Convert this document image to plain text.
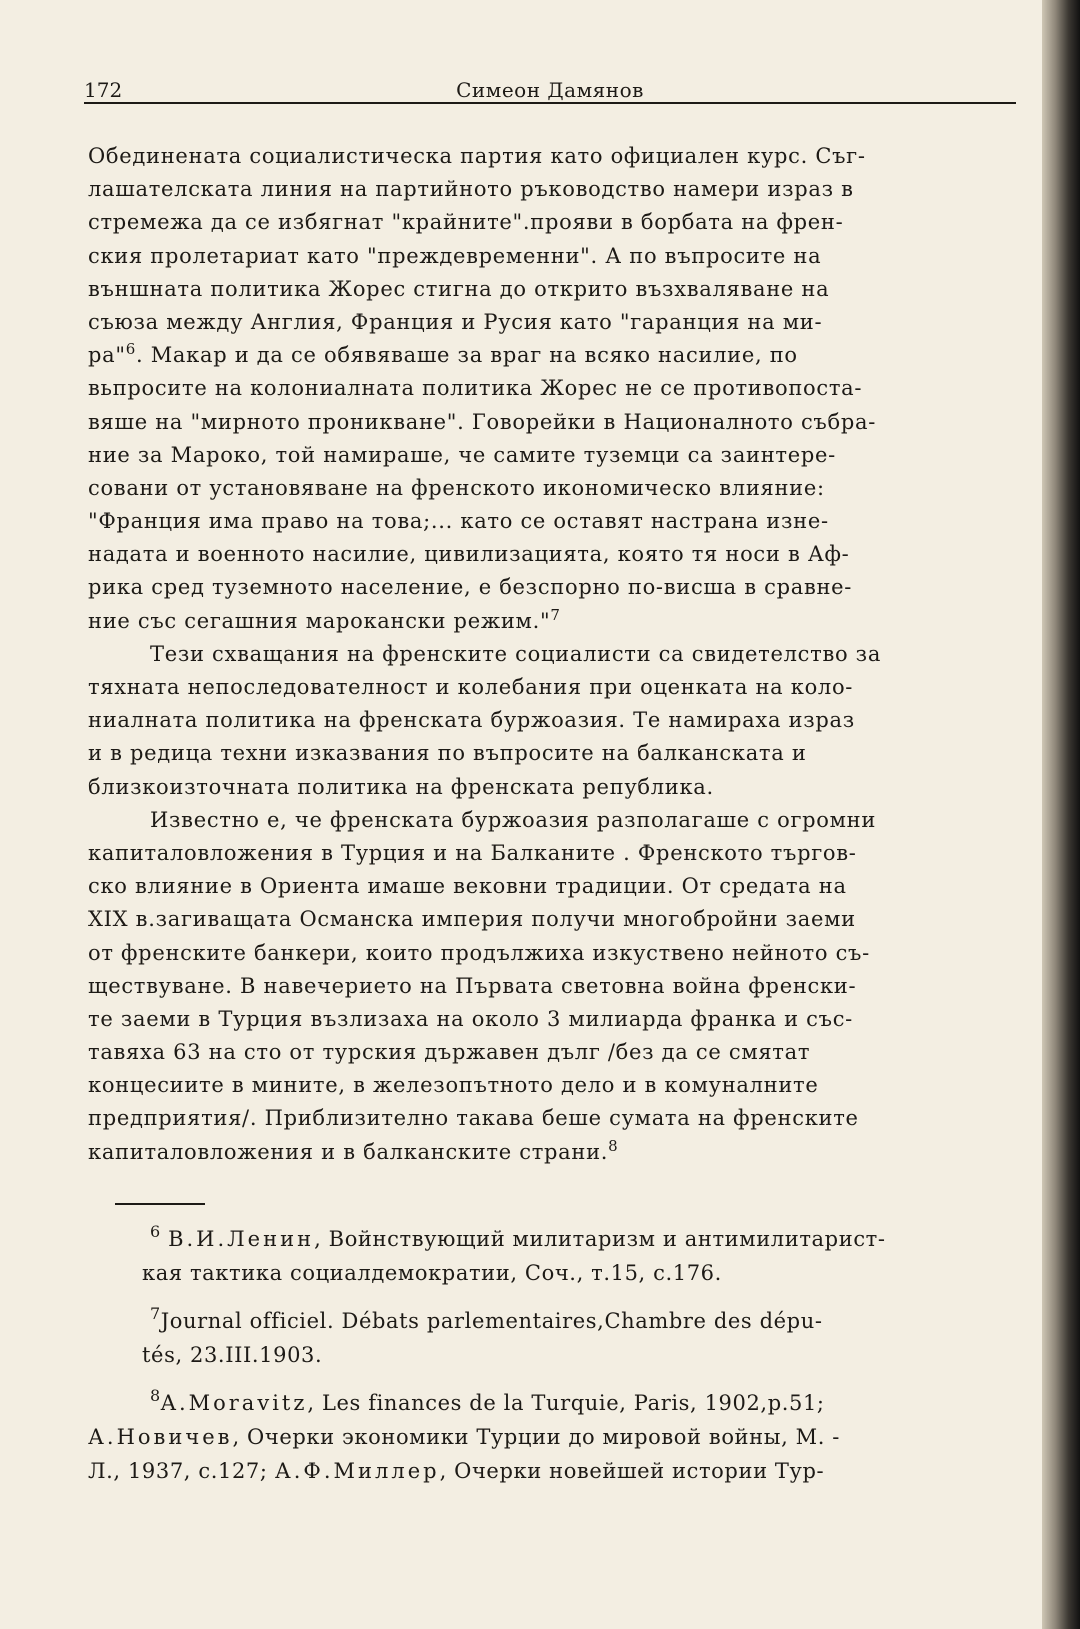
172	Симеон Дамянов
Обединената социалистическа партия като официален курс. Съг-
лашателската линия на партийното ръководство намери израз в
стремежа да се избягнат "крайните".прояви в борбата на френ-
ския пролетариат като "преждевременни". А по въпросите на
външната политика Жорес стигна до открито възхваляване на
съюза между Англия, Франция и Русия като "гаранция на ми-
ра"$^6$. Макар и да се обявяваше за враг на всяко насилие, по
вьпросите на колониалната политика Жорес не се противопоста-
вяше на "мирното проникване". Говорейки в Националното събра-
ние за Мароко, той намираше, че самите туземци са заинтере-
совани от установяване на френското икономическо влияние:
"Франция има право на това;... като се оставят настрана изне-
надата и военното насилие, цивилизацията, която тя носи в Аф-
рика сред туземното население, е безспорно по-висша в сравне-
ние със сегашния марокански режим."$^7$
Тези схващания на френските социалисти са свидетелство за
тяхната непоследователност и колебания при оценката на коло-
ниалната политика на френската буржоазия. Те намираха израз
и в редица техни изказвания по въпросите на балканската и
близкоизточната политика на френската република.
Известно е, че френската буржоазия разполагаше с огромни
капиталовложения в Турция и на Балканите . Френското търгов-
ско влияние в Ориента имаше вековни традиции. От средата на
XIX в.загиващата Османска империя получи многобройни заеми
от френските банкери, които продължиха изкуствено нейното съ-
ществуване. В навечерието на Първата световна война френски-
те заеми в Турция възлизаха на около 3 милиарда франка и със-
тавяха 63 на сто от турския държавен дълг /без да се смятат
концесиите в мините, в железопътното дело и в комуналните
предприятия/. Приблизително такава беше сумата на френските
капиталовложения и в балканските страни.$^8$
$^6$ В.И.Ленин, Войнствующий милитаризм и антимилитарист-
кая тактика социалдемократии, Соч., т.15, с.176.
$^7$Journal officiel. Débats parlementaires,Chambre des dépu-
tés, 23.III.1903.
$^8$A.Moravitz, Les finances de la Turquie, Paris, 1902,p.51;
А.Новичев, Очерки экономики Турции до мировой войны, М. -
Л., 1937, с.127; А.Ф.Миллер, Очерки новейшей истории Тур-
